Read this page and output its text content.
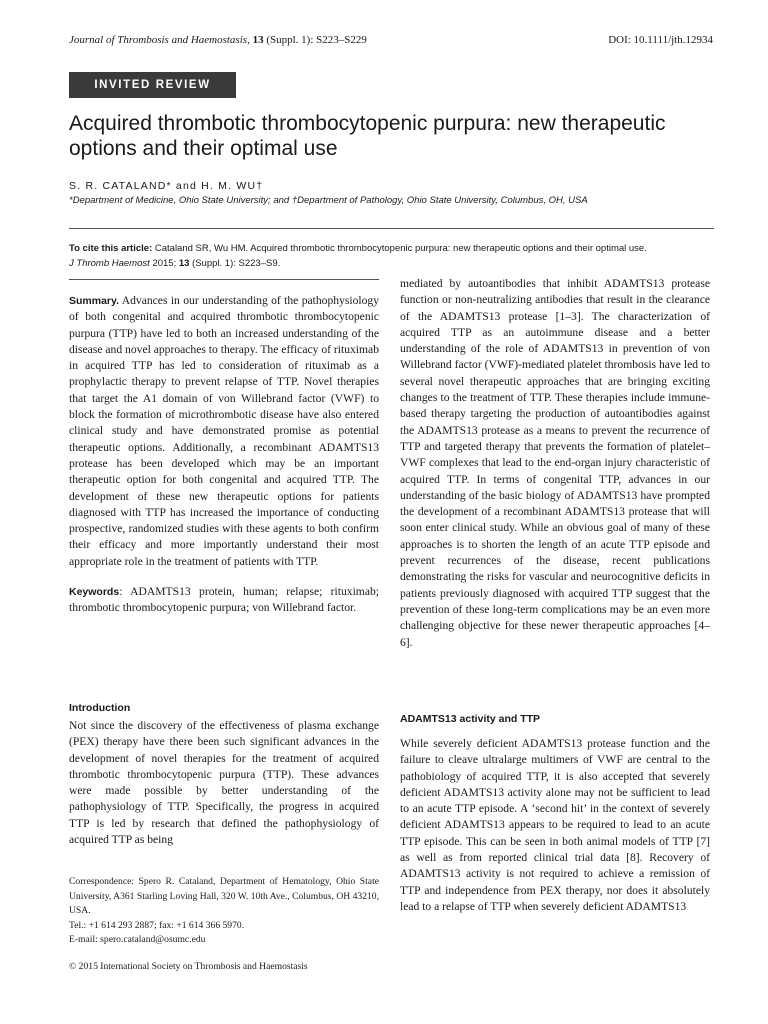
Journal of Thrombosis and Haemostasis, 13 (Suppl. 1): S223–S229	DOI: 10.1111/jth.12934
INVITED REVIEW
Acquired thrombotic thrombocytopenic purpura: new therapeutic options and their optimal use
S. R. CATALAND* and H. M. WU†
*Department of Medicine, Ohio State University; and †Department of Pathology, Ohio State University, Columbus, OH, USA
To cite this article: Cataland SR, Wu HM. Acquired thrombotic thrombocytopenic purpura: new therapeutic options and their optimal use.
J Thromb Haemost 2015; 13 (Suppl. 1): S223–S9.

Summary. Advances in our understanding of the pathophysiology of both congenital and acquired thrombotic thrombocytopenic purpura (TTP) have led to both an increased understanding of the disease and novel approaches to therapy. The efficacy of rituximab in acquired TTP has led to consideration of rituximab as a prophylactic therapy to prevent relapse of TTP. Novel therapies that target the A1 domain of von Willebrand factor (VWF) to block the formation of microthrombotic disease have also entered clinical study and have demonstrated promise as potential therapeutic options. Additionally, a recombinant ADAMTS13 protease has been developed which may be an important therapeutic option for both congenital and acquired TTP. The development of these new therapeutic options for patients diagnosed with TTP has increased the importance of conducting prospective, randomized studies with these agents to both confirm their efficacy and more importantly understand their most appropriate role in the treatment of patients with TTP.

Keywords: ADAMTS13 protein, human; relapse; rituximab; thrombotic thrombocytopenic purpura; von Willebrand factor.

Introduction

Not since the discovery of the effectiveness of plasma exchange (PEX) therapy have there been such significant advances in the development of novel therapies for the treatment of acquired thrombotic thrombocytopenic purpura (TTP). These advances were made possible by better understanding of the pathophysiology of TTP. Specifically, the progress in acquired TTP is led by research that defined the pathophysiology of acquired TTP as being

mediated by autoantibodies that inhibit ADAMTS13 protease function or non-neutralizing antibodies that result in the clearance of the ADAMTS13 protease [1–3]. The characterization of acquired TTP as an autoimmune disease and a better understanding of the role of ADAMTS13 in prevention of von Willebrand factor (VWF)-mediated platelet thrombosis have led to several novel therapeutic approaches that are bringing exciting changes to the treatment of TTP. These therapies include immune-based therapy targeting the production of autoantibodies against the ADAMTS13 protease as a means to prevent the recurrence of TTP and targeted therapy that prevents the formation of platelet–VWF complexes that lead to the end-organ injury characteristic of acquired TTP. In terms of congenital TTP, advances in our understanding of the basic biology of ADAMTS13 have prompted the development of a recombinant ADAMTS13 protease that will soon enter clinical study. While an obvious goal of many of these approaches is to shorten the length of an acute TTP episode and prevent recurrences of the disease, recent publications demonstrating the risks for vascular and neurocognitive deficits in patients previously diagnosed with acquired TTP suggest that the prevention of these long-term complications may be an even more challenging objective for these newer therapeutic approaches [4–6].

ADAMTS13 activity and TTP

While severely deficient ADAMTS13 protease function and the failure to cleave ultralarge multimers of VWF are central to the pathobiology of acquired TTP, it is also accepted that severely deficient ADAMTS13 activity alone may not be sufficient to lead to an acute TTP episode. A ‘second hit’ in the context of severely deficient ADAMTS13 appears to be required to lead to an acute TTP episode. This can be seen in both animal models of TTP [7] as well as from reported clinical trial data [8]. Recovery of ADAMTS13 activity is not required to achieve a remission of TTP and independence from PEX therapy, nor does it absolutely lead to a relapse of TTP when severely deficient ADAMTS13

Correspondence: Spero R. Cataland, Department of Hematology, Ohio State University, A361 Starling Loving Hall, 320 W. 10th Ave., Columbus, OH 43210, USA.

Tel.: +1 614 293 2887; fax: +1 614 366 5970.

E-mail: spero.cataland@osumc.edu

© 2015 International Society on Thrombosis and Haemostasis
